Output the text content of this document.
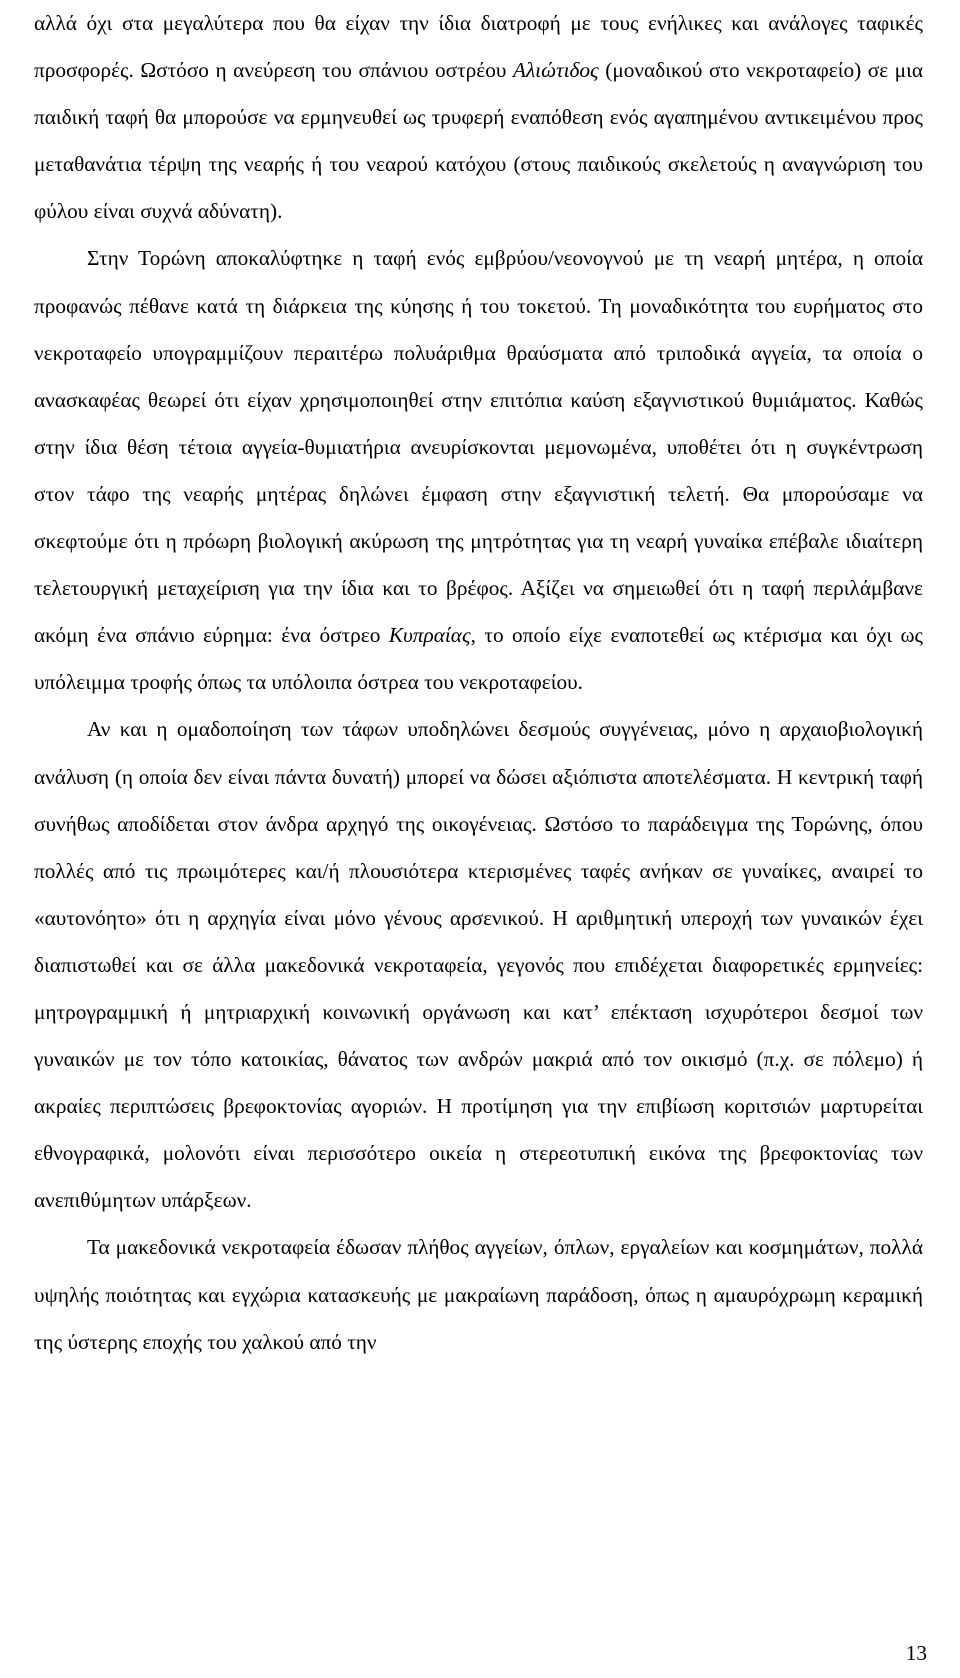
αλλά όχι στα μεγαλύτερα που θα είχαν την ίδια διατροφή με τους ενήλικες και ανάλογες ταφικές προσφορές. Ωστόσο η ανεύρεση του σπάνιου οστρέου Αλιώτιδος (μοναδικού στο νεκροταφείο) σε μια παιδική ταφή θα μπορούσε να ερμηνευθεί ως τρυφερή εναπόθεση ενός αγαπημένου αντικειμένου προς μεταθανάτια τέρψη της νεαρής ή του νεαρού κατόχου (στους παιδικούς σκελετούς η αναγνώριση του φύλου είναι συχνά αδύνατη).

Στην Τορώνη αποκαλύφτηκε η ταφή ενός εμβρύου/νεονογνού με τη νεαρή μητέρα, η οποία προφανώς πέθανε κατά τη διάρκεια της κύησης ή του τοκετού. Τη μοναδικότητα του ευρήματος στο νεκροταφείο υπογραμμίζουν περαιτέρω πολυάριθμα θραύσματα από τριποδικά αγγεία, τα οποία ο ανασκαφέας θεωρεί ότι είχαν χρησιμοποιηθεί στην επιτόπια καύση εξαγνιστικού θυμιάματος. Καθώς στην ίδια θέση τέτοια αγγεία-θυμιατήρια ανευρίσκονται μεμονωμένα, υποθέτει ότι η συγκέντρωση στον τάφο της νεαρής μητέρας δηλώνει έμφαση στην εξαγνιστική τελετή. Θα μπορούσαμε να σκεφτούμε ότι η πρόωρη βιολογική ακύρωση της μητρότητας για τη νεαρή γυναίκα επέβαλε ιδιαίτερη τελετουργική μεταχείριση για την ίδια και το βρέφος. Αξίζει να σημειωθεί ότι η ταφή περιλάμβανε ακόμη ένα σπάνιο εύρημα: ένα όστρεο Κυπραίας, το οποίο είχε εναποτεθεί ως κτέρισμα και όχι ως υπόλειμμα τροφής όπως τα υπόλοιπα όστρεα του νεκροταφείου.

Αν και η ομαδοποίηση των τάφων υποδηλώνει δεσμούς συγγένειας, μόνο η αρχαιοβιολογική ανάλυση (η οποία δεν είναι πάντα δυνατή) μπορεί να δώσει αξιόπιστα αποτελέσματα. Η κεντρική ταφή συνήθως αποδίδεται στον άνδρα αρχηγό της οικογένειας. Ωστόσο το παράδειγμα της Τορώνης, όπου πολλές από τις πρωιμότερες και/ή πλουσιότερα κτερισμένες ταφές ανήκαν σε γυναίκες, αναιρεί το «αυτονόητο» ότι η αρχηγία είναι μόνο γένους αρσενικού. Η αριθμητική υπεροχή των γυναικών έχει διαπιστωθεί και σε άλλα μακεδονικά νεκροταφεία, γεγονός που επιδέχεται διαφορετικές ερμηνείες: μητρογραμμική ή μητριαρχική κοινωνική οργάνωση και κατ’ επέκταση ισχυρότεροι δεσμοί των γυναικών με τον τόπο κατοικίας, θάνατος των ανδρών μακριά από τον οικισμό (π.χ. σε πόλεμο) ή ακραίες περιπτώσεις βρεφοκτονίας αγοριών. Η προτίμηση για την επιβίωση κοριτσιών μαρτυρείται εθνογραφικά, μολονότι είναι περισσότερο οικεία η στερεοτυπική εικόνα της βρεφοκτονίας των ανεπιθύμητων υπάρξεων.

Τα μακεδονικά νεκροταφεία έδωσαν πλήθος αγγείων, όπλων, εργαλείων και κοσμημάτων, πολλά υψηλής ποιότητας και εγχώρια κατασκευής με μακραίωνη παράδοση, όπως η αμαυρόχρωμη κεραμική της ύστερης εποχής του χαλκού από την

13
